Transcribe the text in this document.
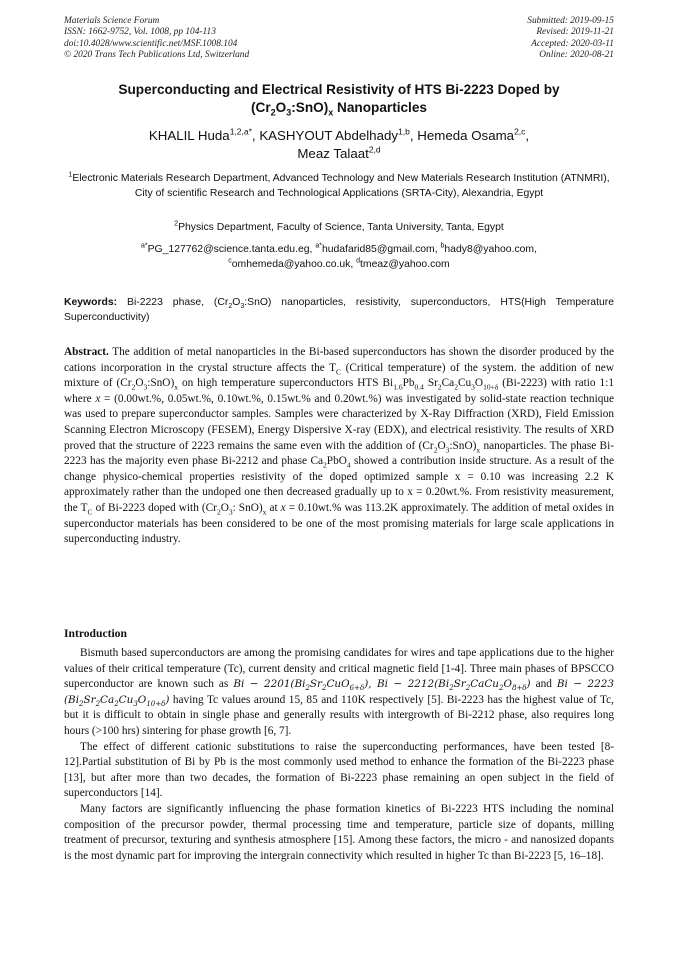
Materials Science Forum
ISSN: 1662-9752, Vol. 1008, pp 104-113
doi:10.4028/www.scientific.net/MSF.1008.104
© 2020 Trans Tech Publications Ltd, Switzerland
Submitted: 2019-09-15
Revised: 2019-11-21
Accepted: 2020-03-11
Online: 2020-08-21
Superconducting and Electrical Resistivity of HTS Bi-2223 Doped by
$(Cr_2O_3:SnO)_x$ Nanoparticles
KHALIL Huda$^{1,2,a*}$, KASHYOUT Abdelhady$^{1,b}$, Hemeda Osama$^{2,c}$,
Meaz Talaat$^{2,d}$
$^1$Electronic Materials Research Department, Advanced Technology and New Materials Research Institution (ATNMRI), City of scientific Research and Technological Applications (SRTA-City), Alexandria, Egypt
$^2$Physics Department, Faculty of Science, Tanta University, Tanta, Egypt
$^{a*}$PG_127762@science.tanta.edu.eg, $^{a*}$hudafarid85@gmail.com, $^b$hady8@yahoo.com,
$^c$omhemeda@yahoo.co.uk, $^d$tmeaz@yahoo.com
Keywords: Bi-2223 phase, $(Cr_2O_3:SnO)$ nanoparticles, resistivity, superconductors, HTS(High Temperature Superconductivity)
Abstract. The addition of metal nanoparticles in the Bi-based superconductors has shown the disorder produced by the cations incorporation in the crystal structure affects the $T_C$ (Critical temperature) of the system. the addition of new mixture of $(Cr_2O_3:SnO)_x$ on high temperature superconductors HTS $Bi_{1.6}Pb_{0.4}$ $Sr_2Ca_2Cu_3O_{10+\delta}$ (Bi-2223) with ratio 1:1 where x = (0.00wt.%, 0.05wt.%, 0.10wt.%, 0.15wt.% and 0.20wt.%) was investigated by solid-state reaction technique was used to prepare superconductor samples. Samples were characterized by X-Ray Diffraction (XRD), Field Emission Scanning Electron Microscopy (FESEM), Energy Dispersive X-ray (EDX), and electrical resistivity. The results of XRD proved that the structure of 2223 remains the same even with the addition of $(Cr_2O_3:SnO)_x$ nanoparticles. The phase Bi-2223 has the majority even phase Bi-2212 and phase $Ca_2PbO_4$ showed a contribution inside structure. As a result of the change physico-chemical properties resistivity of the doped optimized sample x = 0.10 was increasing 2.2 K approximately rather than the undoped one then decreased gradually up to x = 0.20wt.%. From resistivity measurement, the $T_C$ of Bi-2223 doped with ($Cr_2O_3$: $SnO)_x$ at x = 0.10wt.% was 113.2K approximately. The addition of metal oxides in superconductor materials has been considered to be one of the most promising materials for large scale applications in superconducting industry.
Introduction

Bismuth based superconductors are among the promising candidates for wires and tape applications due to the higher values of their critical temperature (Tc), current density and critical magnetic field [1-4]. Three main phases of BPSCCO superconductor are known such as $Bi - 2201(Bi_2Sr_2CuO_{6+\delta})$, $Bi - 2212(Bi_2Sr_2CaCu_2O_{8+\delta})$ and Bi − 2223 $(Bi_2Sr_2Ca_2Cu_3O_{10+\delta})$ having Tc values around 15, 85 and 110K respectively [5]. Bi-2223 has the highest value of Tc, but it is difficult to obtain in single phase and generally results with intergrowth of Bi-2212 phase, also requires long hours (>100 hrs) sintering for phase growth [6, 7].

The effect of different cationic substitutions to raise the superconducting performances, have been tested [8-12].Partial substitution of Bi by Pb is the most commonly used method to enhance the formation of the Bi-2223 phase [13], but after more than two decades, the formation of Bi-2223 phase remaining an open subject in the field of superconductors [14].

Many factors are significantly influencing the phase formation kinetics of Bi-2223 HTS including the nominal composition of the precursor powder, thermal processing time and temperature, particle size of dopants, milling treatment of precursor, texturing and synthesis atmosphere [15]. Among these factors, the micro - and nanosized dopants is the most dynamic part for improving the intergrain connectivity which resulted in higher Tc than Bi-2223 [5, 16–18].
